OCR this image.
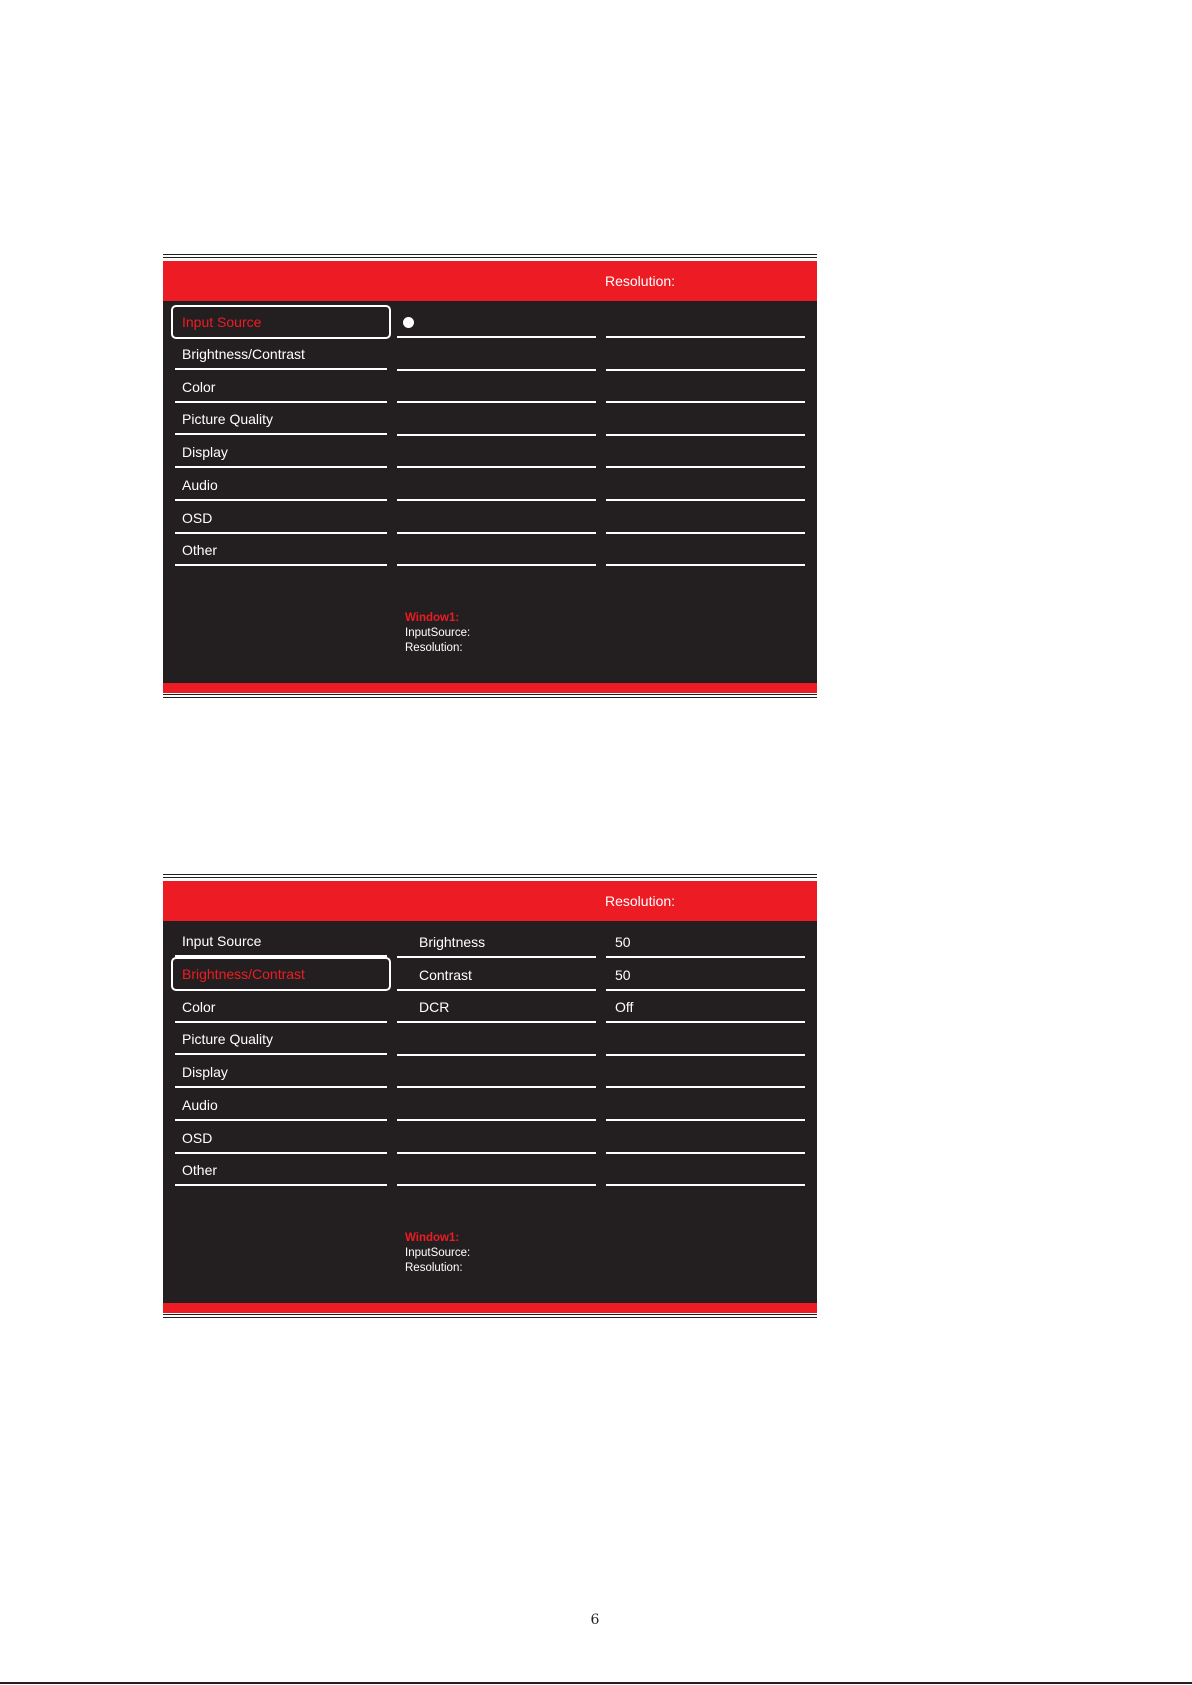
Resolution:
Input Source
Brightness/Contrast
Color
Picture Quality
Display
Audio
OSD
Other
Window1:
InputSource:
Resolution:
Resolution:
Input Source
Brightness/Contrast
Color
Picture Quality
Display
Audio
OSD
Other
Brightness
Contrast
DCR
50
50
Off
Window1:
InputSource:
Resolution:
6
